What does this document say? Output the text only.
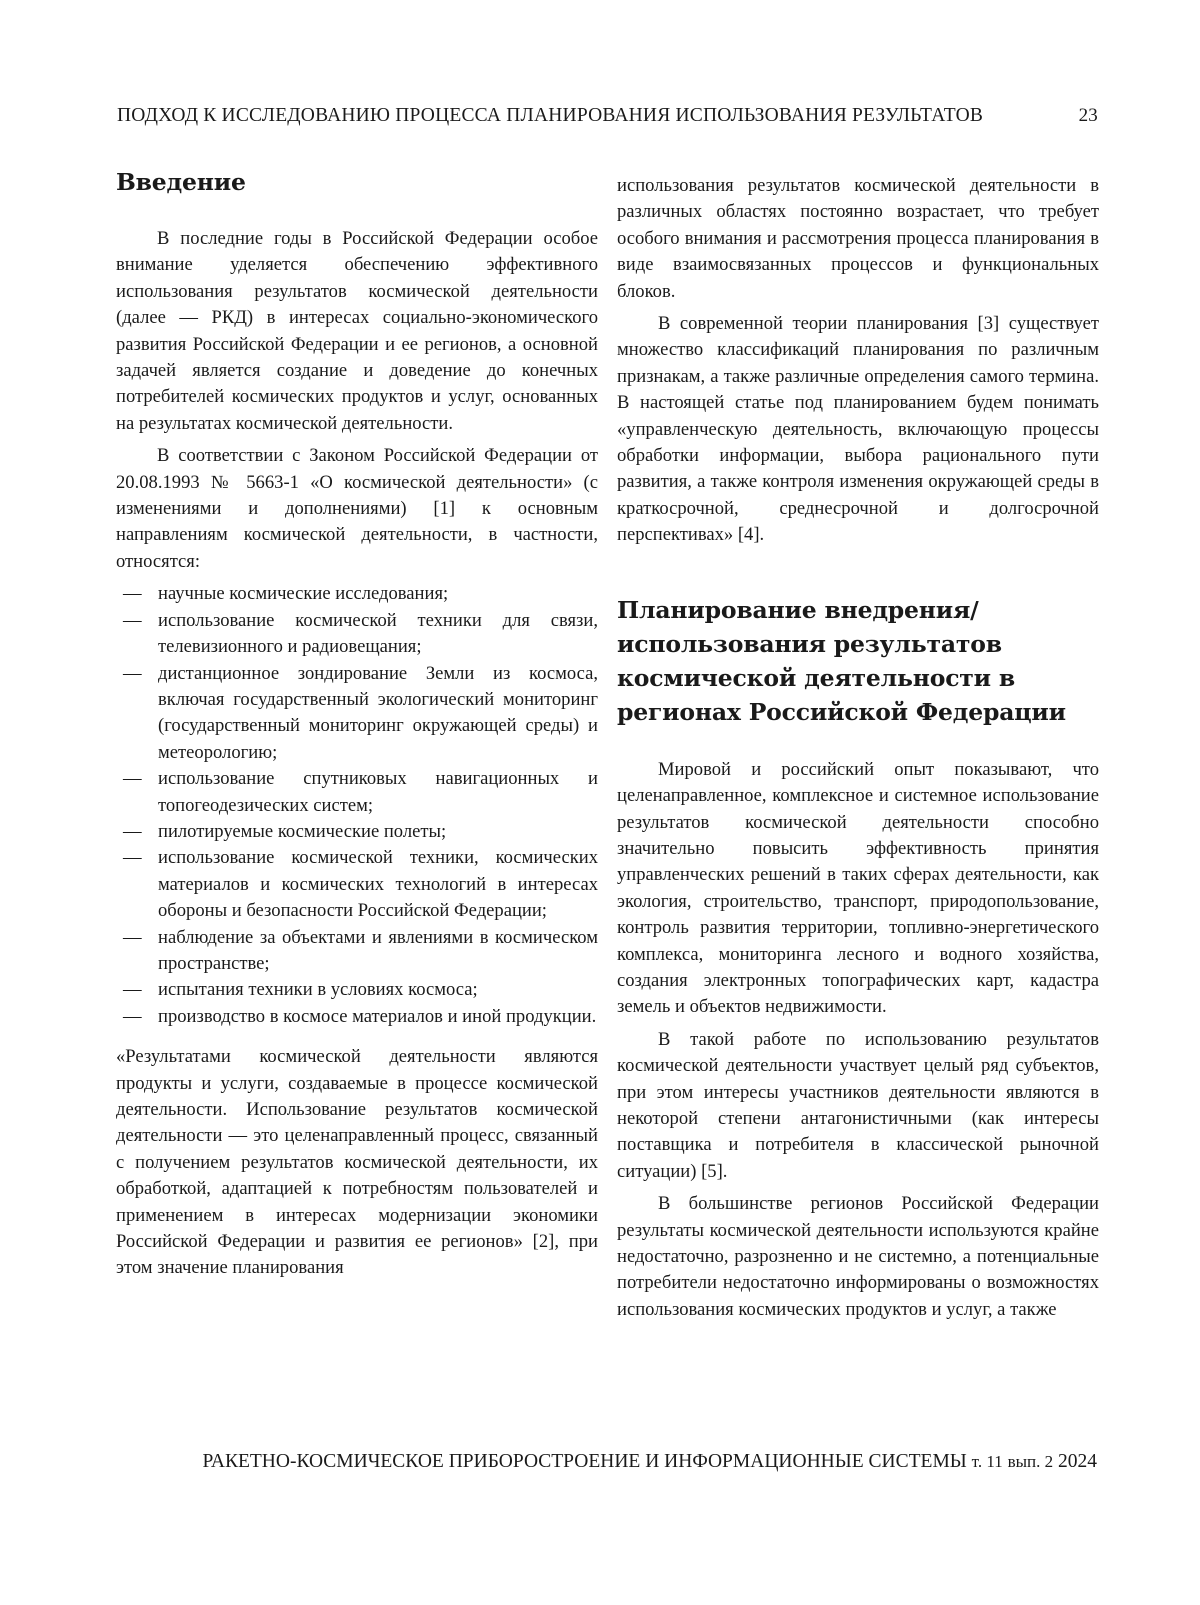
ПОДХОД К ИССЛЕДОВАНИЮ ПРОЦЕССА ПЛАНИРОВАНИЯ ИСПОЛЬЗОВАНИЯ РЕЗУЛЬТАТОВ	23
Введение

В последние годы в Российской Федерации особое внимание уделяется обеспечению эффективного использования результатов космической деятельности (далее — РКД) в интересах социально-экономического развития Российской Федерации и ее регионов, а основной задачей является создание и доведение до конечных потребителей космических продуктов и услуг, основанных на результатах космической деятельности.

В соответствии с Законом Российской Федерации от 20.08.1993 № 5663-1 «О космической деятельности» (с изменениями и дополнениями) [1] к основным направлениям космической деятельности, в частности, относятся:

— научные космические исследования;
— использование космической техники для связи, телевизионного и радиовещания;
— дистанционное зондирование Земли из космоса, включая государственный экологический мониторинг (государственный мониторинг окружающей среды) и метеорологию;
— использование спутниковых навигационных и топогеодезических систем;
— пилотируемые космические полеты;
— использование космической техники, космических материалов и космических технологий в интересах обороны и безопасности Российской Федерации;
— наблюдение за объектами и явлениями в космическом пространстве;
— испытания техники в условиях космоса;
— производство в космосе материалов и иной продукции.

«Результатами космической деятельности являются продукты и услуги, создаваемые в процессе космической деятельности. Использование результатов космической деятельности — это целенаправленный процесс, связанный с получением результатов космической деятельности, их обработкой, адаптацией к потребностям пользователей и применением в интересах модернизации экономики Российской Федерации и развития ее регионов» [2], при этом значение планирования

использования результатов космической деятельности в различных областях постоянно возрастает, что требует особого внимания и рассмотрения процесса планирования в виде взаимосвязанных процессов и функциональных блоков.

В современной теории планирования [3] существует множество классификаций планирования по различным признакам, а также различные определения самого термина. В настоящей статье под планированием будем понимать «управленческую деятельность, включающую процессы обработки информации, выбора рационального пути развития, а также контроля изменения окружающей среды в краткосрочной, среднесрочной и долгосрочной перспективах» [4].

Планирование внедрения/использования результатов космической деятельности в регионах Российской Федерации

Мировой и российский опыт показывают, что целенаправленное, комплексное и системное использование результатов космической деятельности способно значительно повысить эффективность принятия управленческих решений в таких сферах деятельности, как экология, строительство, транспорт, природопользование, контроль развития территории, топливно-энергетического комплекса, мониторинга лесного и водного хозяйства, создания электронных топографических карт, кадастра земель и объектов недвижимости.

В такой работе по использованию результатов космической деятельности участвует целый ряд субъектов, при этом интересы участников деятельности являются в некоторой степени антагонистичными (как интересы поставщика и потребителя в классической рыночной ситуации) [5].

В большинстве регионов Российской Федерации результаты космической деятельности используются крайне недостаточно, разрозненно и не системно, а потенциальные потребители недостаточно информированы о возможностях использования космических продуктов и услуг, а также

РАКЕТНО-КОСМИЧЕСКОЕ ПРИБОРОСТРОЕНИЕ И ИНФОРМАЦИОННЫЕ СИСТЕМЫ т. 11 вып. 2 2024
